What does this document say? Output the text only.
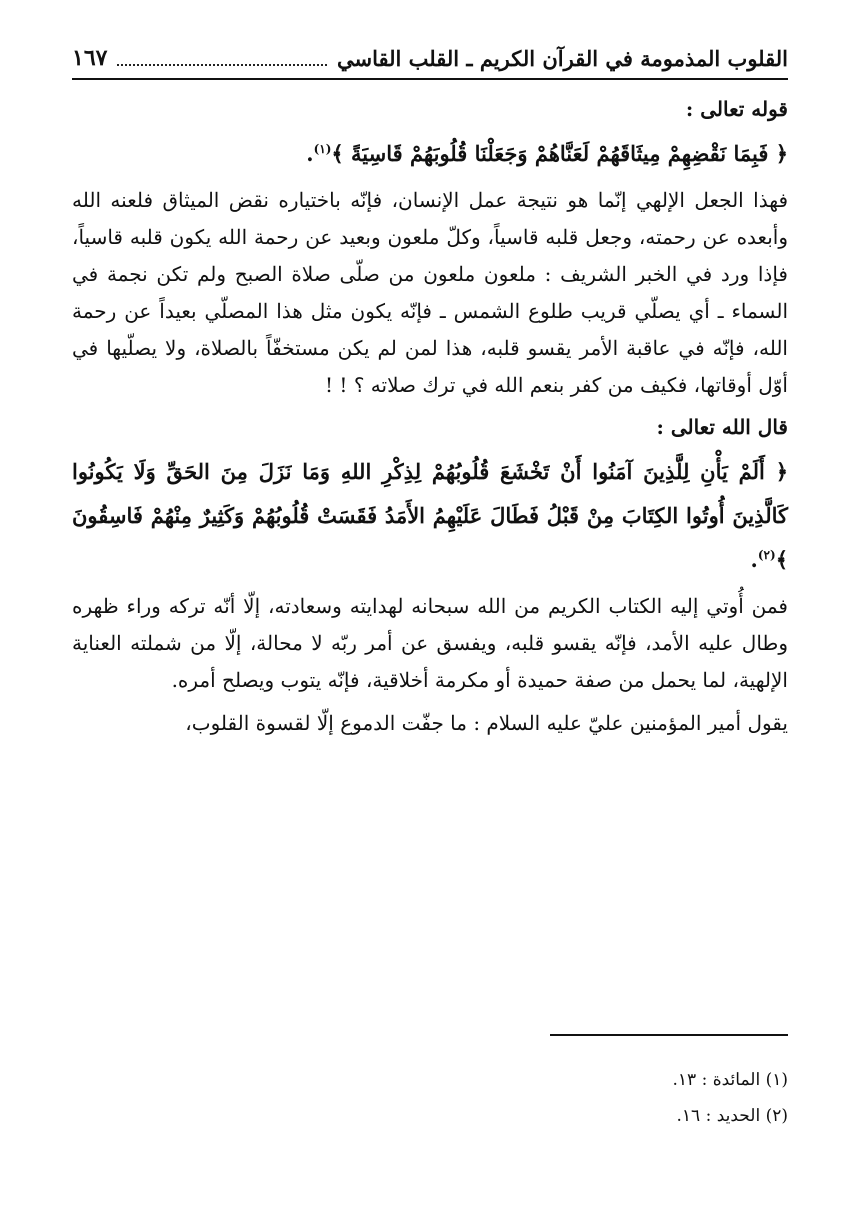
القلوب المذمومة في القرآن الكريم ـ القلب القاسي
١٦٧

قوله تعالى :

﴿ فَبِمَا نَقْضِهِمْ مِيثَاقَهُمْ لَعَنَّاهُمْ وَجَعَلْنَا قُلُوبَهُمْ قَاسِيَةً ﴾$^{(١)}$.

فهذا الجعل الإلهي إنّما هو نتيجة عمل الإنسان، فإنّه باختياره نقض الميثاق فلعنه الله وأبعده عن رحمته، وجعل قلبه قاسياً، وكلّ ملعون وبعيد عن رحمة الله يكون قلبه قاسياً، فإذا ورد في الخبر الشريف : ملعون ملعون من صلّى صلاة الصبح ولم تكن نجمة في السماء ـ أي يصلّي قريب طلوع الشمس ـ فإنّه يكون مثل هذا المصلّي بعيداً عن رحمة الله، فإنّه في عاقبة الأمر يقسو قلبه، هذا لمن لم يكن مستخفّاً بالصلاة، ولا يصلّيها في أوّل أوقاتها، فكيف من كفر بنعم الله في ترك صلاته ؟ ! !

قال الله تعالى :

﴿ أَلَمْ يَأْنِ لِلَّذِينَ آمَنُوا أَنْ تَخْشَعَ قُلُوبُهُمْ لِذِكْرِ اللهِ وَمَا نَزَلَ مِنَ الحَقِّ وَلَا يَكُونُوا كَالَّذِينَ أُوتُوا الكِتَابَ مِنْ قَبْلُ فَطَالَ عَلَيْهِمُ الأَمَدُ فَقَسَتْ قُلُوبُهُمْ وَكَثِيرٌ مِنْهُمْ فَاسِقُونَ ﴾$^{(٢)}$.

فمن أُوتي إليه الكتاب الكريم من الله سبحانه لهدايته وسعادته، إلّا أنّه تركه وراء ظهره وطال عليه الأمد، فإنّه يقسو قلبه، ويفسق عن أمر ربّه لا محالة، إلّا من شملته العناية الإلهية، لما يحمل من صفة حميدة أو مكرمة أخلاقية، فإنّه يتوب ويصلح أمره.

يقول أمير المؤمنين عليّ عليه السلام : ما جفّت الدموع إلّا لقسوة القلوب،

(١) المائدة : ١٣.

(٢) الحديد : ١٦.
